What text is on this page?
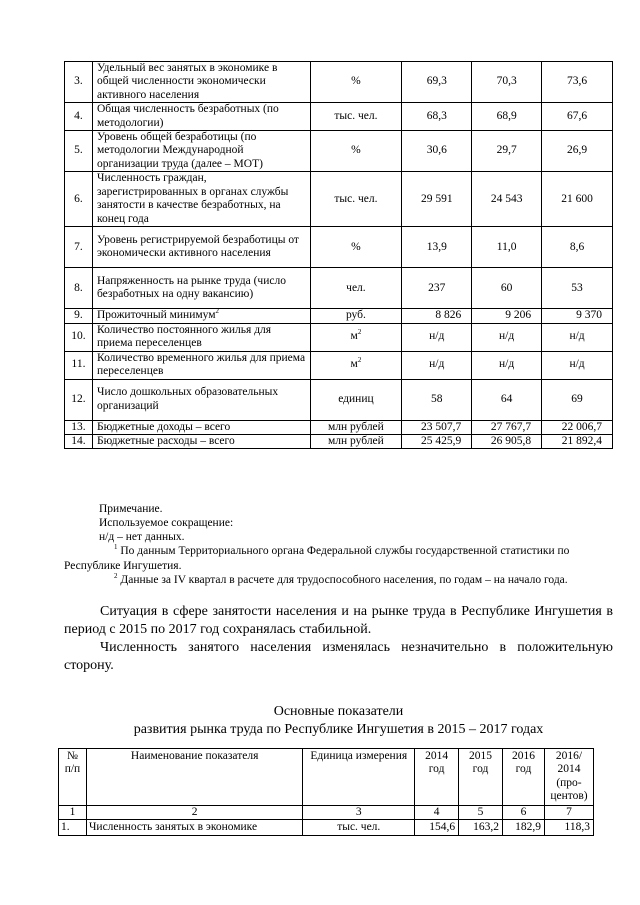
3.	Удельный вес занятых в экономике в общей численности экономически активного населения	%	69,3	70,3	73,6
4.	Общая численность безработных (по методологии)	тыс. чел.	68,3	68,9	67,6
5.	Уровень общей безработицы (по методологии Международной организации труда (далее – МОТ)	%	30,6	29,7	26,9
6.	Численность граждан, зарегистрированных в органах службы занятости в качестве безработных, на конец года	тыс. чел.	29 591	24 543	21 600
7.	Уровень регистрируемой безработицы от экономически активного населения	%	13,9	11,0	8,6
8.	Напряженность на рынке труда (число безработных на одну вакансию)	чел.	237	60	53
9.	Прожиточный минимум$^2$	руб.	8 826	9 206	9 370
10.	Количество постоянного жилья для приема переселенцев	$м^2$	н/д	н/д	н/д
11.	Количество временного жилья для приема переселенцев	$м^2$	н/д	н/д	н/д
12.	Число дошкольных образовательных организаций	единиц	58	64	69
13.	Бюджетные доходы – всего	млн рублей	23 507,7	27 767,7	22 006,7
14.	Бюджетные расходы – всего	млн рублей	25 425,9	26 905,8	21 892,4
Примечание.
Используемое сокращение:
н/д – нет данных.
$^1$ По данным Территориального органа Федеральной службы государственной статистики по Республике Ингушетия.
$^2$ Данные за IV квартал в расчете для трудоспособного населения, по годам – на начало года.
Ситуация в сфере занятости населения и на рынке труда в Республике Ингушетия в период с 2015 по 2017 год сохранялась стабильной.
Численность занятого населения изменялась незначительно в положительную сторону.
Основные показатели
развития рынка труда по Республике Ингушетия в 2015 – 2017 годах
№ п/п	Наименование показателя	Единица измерения	2014 год	2015 год	2016 год	2016/ 2014 (про- центов)
1	2	3	4	5	6	7
1.	Численность занятых в экономике	тыс. чел.	154,6	163,2	182,9	118,3
